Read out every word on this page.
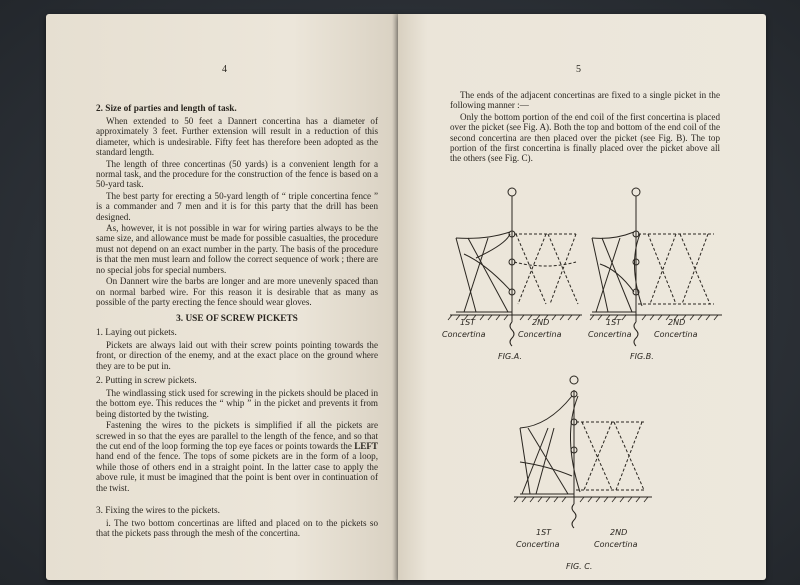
4
2. Size of parties and length of task.

When extended to 50 feet a Dannert concertina has a diameter of approximately 3 feet. Further extension will result in a reduction of this diameter, which is undesirable. Fifty feet has therefore been adopted as the standard length.

The length of three concertinas (50 yards) is a convenient length for a normal task, and the procedure for the construction of the fence is based on a 50-yard task.

The best party for erecting a 50-yard length of “ triple concertina fence ” is a commander and 7 men and it is for this party that the drill has been designed.

As, however, it is not possible in war for wiring parties always to be the same size, and allowance must be made for possible casualties, the procedure must not depend on an exact number in the party. The basis of the procedure is that the men must learn and follow the correct sequence of work ; there are no special jobs for special numbers.

On Dannert wire the barbs are longer and are more unevenly spaced than on normal barbed wire. For this reason it is desirable that as many as possible of the party erecting the fence should wear gloves.

3. USE OF SCREW PICKETS
1. Laying out pickets.

Pickets are always laid out with their screw points pointing towards the front, or direction of the enemy, and at the exact place on the ground where they are to be put in.

2. Putting in screw pickets.

The windlassing stick used for screwing in the pickets should be placed in the bottom eye. This reduces the “ whip ” in the picket and prevents it from being distorted by the twisting.

Fastening the wires to the pickets is simplified if all the pickets are screwed in so that the eyes are parallel to the length of the fence, and so that the cut end of the loop forming the top eye faces or points towards the LEFT hand end of the fence. The tops of some pickets are in the form of a loop, while those of others end in a straight point. In the latter case to apply the above rule, it must be imagined that the point is bent over in continuation of the twist.

3. Fixing the wires to the pickets.

i. The two bottom concertinas are lifted and placed on to the pickets so that the pickets pass through the mesh of the concertina.

5

The ends of the adjacent concertinas are fixed to a single picket in the following manner :—

Only the bottom portion of the end coil of the first concertina is placed over the picket (see Fig. A). Both the top and bottom of the end coil of the second concertina are then placed over the picket (see Fig. B). The top portion of the first concertina is finally placed over the picket above all the others (see Fig. C).

1ST
Concertina
2ND
Concertina
FIG.A.
1ST
Concertina
2ND
Concertina
FIG.B.
1ST
Concertina
2ND
Concertina
FIG. C.
